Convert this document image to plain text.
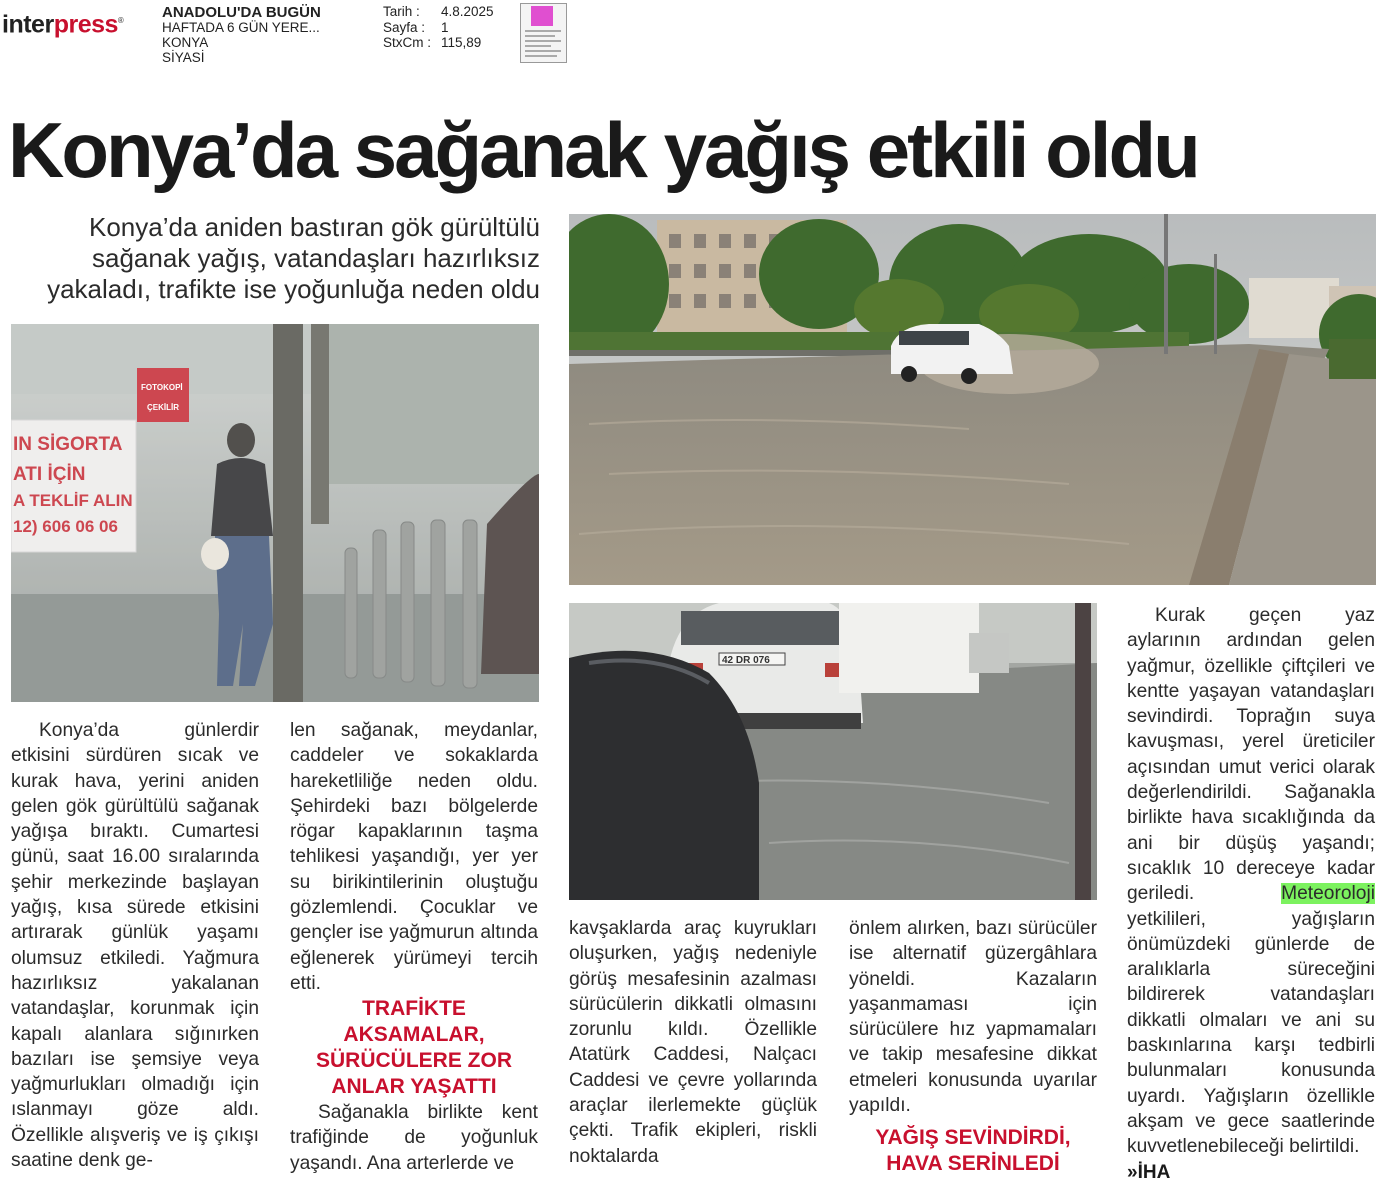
interpress®	ANADOLU'DA BUGÜN
HAFTADA 6 GÜN YERE...
KONYA
SİYASİ
Tarih :	4.8.2025
Sayfa :	1
StxCm : 115,89
Konya’da sağanak yağış etkili oldu
Konya’da aniden bastıran gök gürültülü sağanak yağış, vatandaşları hazırlıksız yakaladı, trafikte ise yoğunluğa neden oldu
IN SİGORTA
ATI İÇİN
A TEKLİF ALIN
12) 606 06 06
FOTOKOPİ
ÇEKİLİR
42 DR 076

Konya’da günlerdir etkisini sürdüren sıcak ve kurak hava, yerini aniden gelen gök gürültülü sağanak yağışa bıraktı. Cumartesi günü, saat 16.00 sıralarında şehir merkezinde başlayan yağış, kısa sürede etkisini artırarak günlük yaşamı olumsuz etkiledi. Yağmura hazırlıksız yakalanan vatandaşlar, korunmak için kapalı alanlara sığınırken bazıları ise şemsiye veya yağmurlukları olmadığı için ıslanmayı göze aldı. Özellikle alışveriş ve iş çıkışı saatine denk ge-

len sağanak, meydanlar, caddeler ve sokaklarda hareketliliğe neden oldu. Şehirdeki bazı bölgelerde rögar kapaklarının taşma tehlikesi yaşandığı, yer yer su birikintilerinin oluştuğu gözlemlendi. Çocuklar ve gençler ise yağmurun altında eğlenerek yürümeyi tercih etti.

TRAFİKTE AKSAMALAR, SÜRÜCÜLERE ZOR ANLAR YAŞATTI

Sağanakla birlikte kent trafiğinde de yoğunluk yaşandı. Ana arterlerde ve

kavşaklarda araç kuyrukları oluşurken, yağış nedeniyle görüş mesafesinin azalması sürücülerin dikkatli olmasını zorunlu kıldı. Özellikle Atatürk Caddesi, Nalçacı Caddesi ve çevre yollarında araçlar ilerlemekte güçlük çekti. Trafik ekipleri, riskli noktalarda

önlem alırken, bazı sürücüler ise alternatif güzergâhlara yöneldi. Kazaların yaşanmaması için sürücülere hız yapmamaları ve takip mesafesine dikkat etmeleri konusunda uyarılar yapıldı.

YAĞIŞ SEVİNDİRDİ, HAVA SERİNLEDİ

Kurak geçen yaz aylarının ardından gelen yağmur, özellikle çiftçileri ve kentte yaşayan vatandaşları sevindirdi. Toprağın suya kavuşması, yerel üreticiler açısından umut verici olarak değerlendirildi. Sağanakla birlikte hava sıcaklığında da ani bir düşüş yaşandı; sıcaklık 10 dereceye kadar geriledi.	Meteoroloji yetkilileri, yağışların önümüzdeki günlerde de aralıklarla süreceğini bildirerek vatandaşları dikkatli olmaları ve ani su baskınlarına karşı tedbirli bulunmaları konusunda uyardı. Yağışların özellikle akşam ve gece saatlerinde kuvvetlenebileceği belirtildi.

»İHA
